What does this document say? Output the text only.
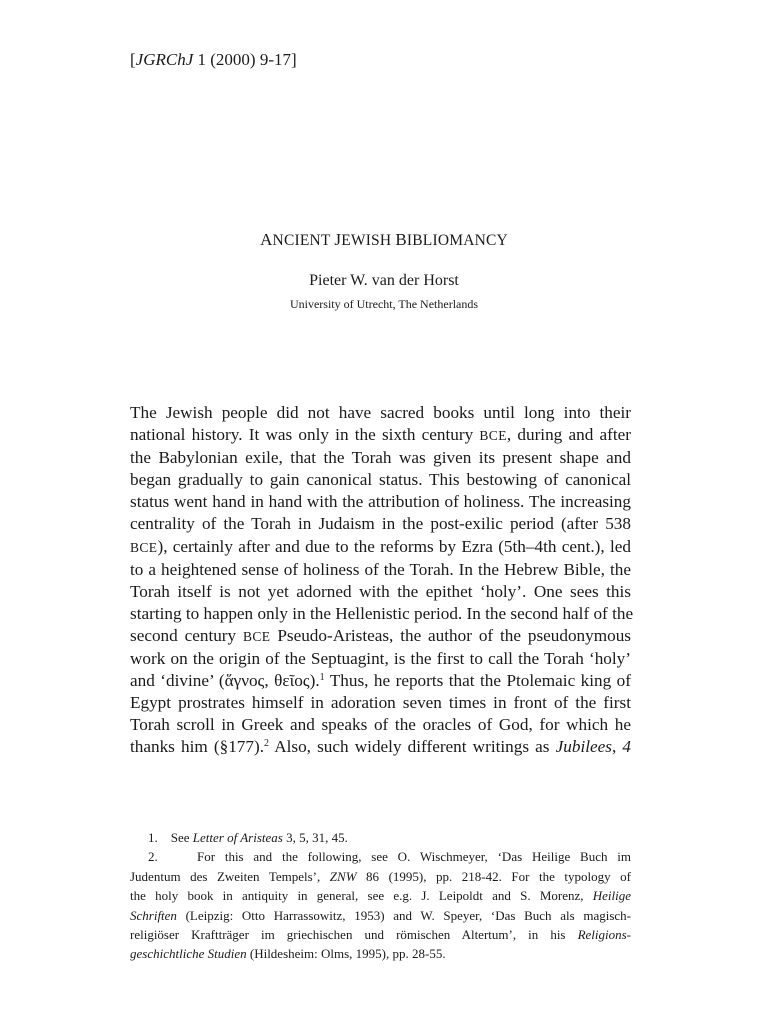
[JGRChJ 1 (2000) 9-17]
ANCIENT JEWISH BIBLIOMANCY
Pieter W. van der Horst
University of Utrecht, The Netherlands
The Jewish people did not have sacred books until long into their
national history. It was only in the sixth century BCE, during and after
the Babylonian exile, that the Torah was given its present shape and
began gradually to gain canonical status. This bestowing of canonical
status went hand in hand with the attribution of holiness. The increasing
centrality of the Torah in Judaism in the post-exilic period (after 538
BCE), certainly after and due to the reforms by Ezra (5th–4th cent.), led
to a heightened sense of holiness of the Torah. In the Hebrew Bible, the
Torah itself is not yet adorned with the epithet ‘holy’. One sees this
starting to happen only in the Hellenistic period. In the second half of the
second century BCE Pseudo-Aristeas, the author of the pseudonymous
work on the origin of the Septuagint, is the first to call the Torah ‘holy’
and ‘divine’ (ἅγνος, θεῖος).$^1$ Thus, he reports that the Ptolemaic king of
Egypt prostrates himself in adoration seven times in front of the first
Torah scroll in Greek and speaks of the oracles of God, for which he
thanks him (§177).$^2$ Also, such widely different writings as Jubilees, 4
1.    See Letter of Aristeas 3, 5, 31, 45.
2.    For this and the following, see O. Wischmeyer, ‘Das Heilige Buch im
Judentum des Zweiten Tempels’, ZNW 86 (1995), pp. 218-42. For the typology of
the holy book in antiquity in general, see e.g. J. Leipoldt and S. Morenz, Heilige
Schriften (Leipzig: Otto Harrassowitz, 1953) and W. Speyer, ‘Das Buch als magisch-
religiöser Kraftträger im griechischen und römischen Altertum’, in his Religions-
geschichtliche Studien (Hildesheim: Olms, 1995), pp. 28-55.
